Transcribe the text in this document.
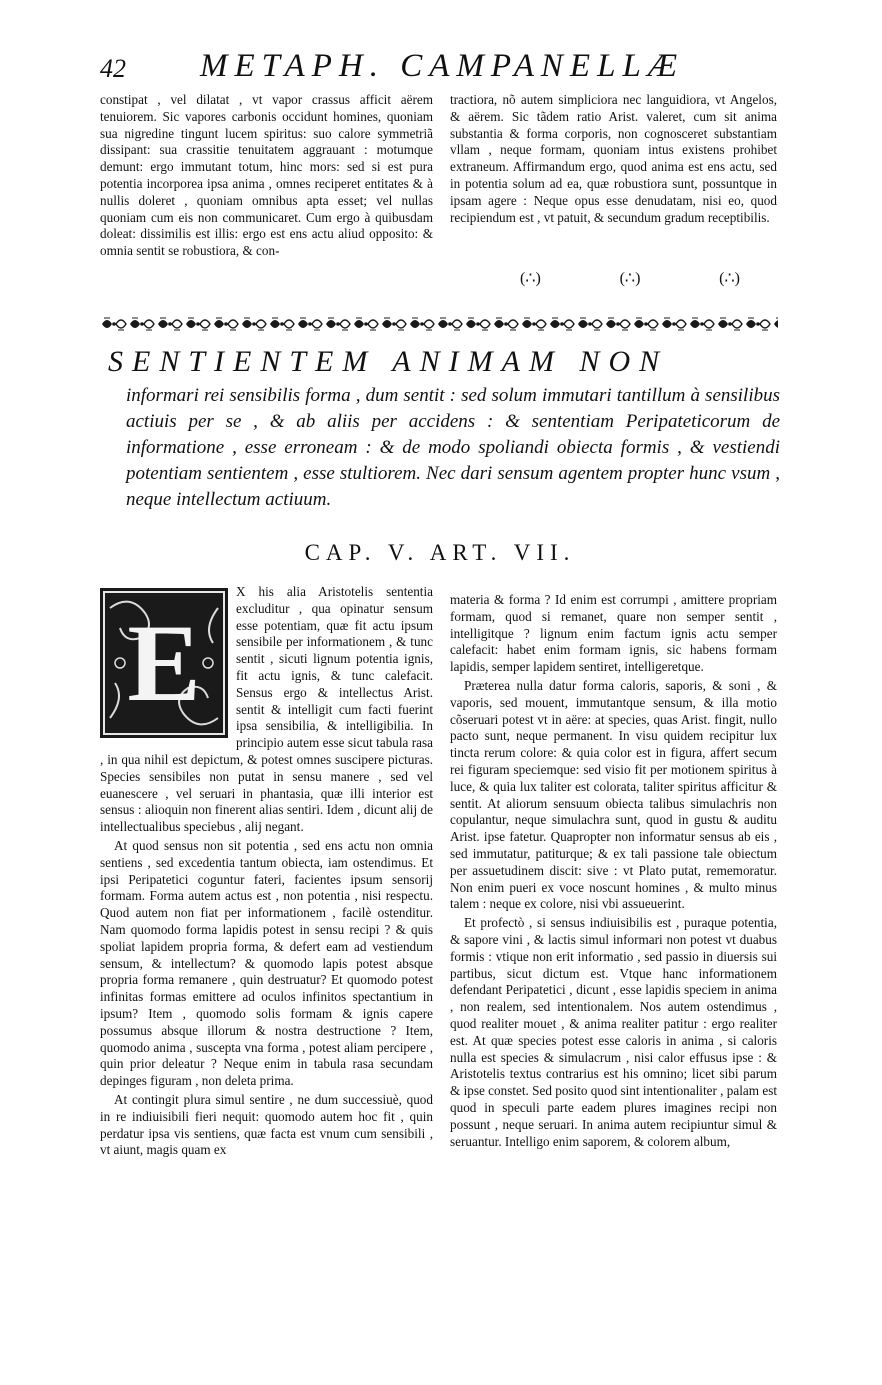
42 METAPH. CAMPANELLÆ

constipat , vel dilatat , vt vapor crassus afficit aërem tenuiorem. Sic vapores carbonis occidunt homines, quoniam sua nigredine tingunt lucem spiritus: suo calore symmetriã dissipant: sua crassitie tenuitatem aggrauant : motumque demunt: ergo immutant totum, hinc mors: sed si est pura potentia incorporea ipsa anima , omnes reciperet entitates & à nullis doleret , quoniam omnibus apta esset; vel nullas quoniam cum eis non communicaret. Cum ergo à quibusdam doleat: dissimilis est illis: ergo est ens actu aliud opposito: & omnia sentit se robustiora, & con-

tractiora, nõ autem simpliciora nec languidiora, vt Angelos, & aërem. Sic tãdem ratio Arist. valeret, cum sit anima substantia & forma corporis, non cognosceret substantiam vllam , neque formam, quoniam intus existens prohibet extraneum. Affirmandum ergo, quod anima est ens actu, sed in potentia solum ad ea, quæ robustiora sunt, possuntque in ipsam agere : Neque opus esse denudatam, nisi eo, quod recipiendum est , vt patuit, & secundum gradum receptibilis.

(∴)	(∴)	(∴)
SENTIENTEM ANIMAM NON

informari rei sensibilis forma , dum sentit : sed solum immutari tantillum à sensilibus actiuis per se , & ab aliis per accidens : & sententiam Peripateticorum de informatione , esse erroneam : & de modo spoliandi obiecta formis , & vestiendi potentiam sentientem , esse stultiorem. Nec dari sensum agentem propter hunc vsum , neque intellectum actiuum.

CAP. V. ART. VII.
E

X his alia Aristotelis sententia excluditur , qua opinatur sensum esse potentiam, quæ fit actu ipsum sensibile per informationem , & tunc sentit , sicuti lignum potentia ignis, fit actu ignis, & tunc calefacit. Sensus ergo & intellectus Arist. sentit & intelligit cum facti fuerint ipsa sensibilia, & intelligibilia. In principio autem esse sicut tabula rasa , in qua nihil est depictum, & potest omnes suscipere picturas. Species sensibiles non putat in sensu manere , sed vel euanescere , vel seruari in phantasia, quæ illi interior est sensus : alioquin non finerent alias sentiri. Idem , dicunt alij de intellectualibus speciebus , alij negant.

At quod sensus non sit potentia , sed ens actu non omnia sentiens , sed excedentia tantum obiecta, iam ostendimus. Et ipsi Peripatetici coguntur fateri, facientes ipsum sensorij formam. Forma autem actus est , non potentia , nisi respectu. Quod autem non fiat per informationem , facilè ostenditur. Nam quomodo forma lapidis potest in sensu recipi ? & quis spoliat lapidem propria forma, & defert eam ad vestiendum sensum, & intellectum? & quomodo lapis potest absque propria forma remanere , quin destruatur? Et quomodo potest infinitas formas emittere ad oculos infinitos spectantium in ipsum? Item , quomodo solis formam & ignis capere possumus absque illorum & nostra destructione ? Item, quomodo anima , suscepta vna forma , potest aliam percipere , quin prior deleatur ? Neque enim in tabula rasa secundam depinges figuram , non deleta prima.

At contingit plura simul sentire , ne dum successiuè, quod in re indiuisibili fieri nequit: quomodo autem hoc fit , quin perdatur ipsa vis sentiens, quæ facta est vnum cum sensibili , vt aiunt, magis quam ex

materia & forma ? Id enim est corrumpi , amittere propriam formam, quod si remanet, quare non semper sentit , intelligitque ? lignum enim factum ignis actu semper calefacit: habet enim formam ignis, sic habens formam lapidis, semper lapidem sentiret, intelligeretque.

Præterea nulla datur forma caloris, saporis, & soni , & vaporis, sed mouent, immutantque sensum, & illa motio cõseruari potest vt in aëre: at species, quas Arist. fingit, nullo pacto sunt, neque permanent. In visu quidem recipitur lux tincta rerum colore: & quia color est in figura, affert secum rei figuram speciemque: sed visio fit per motionem spiritus à luce, & quia lux taliter est colorata, taliter spiritus afficitur & sentit. At aliorum sensuum obiecta talibus simulachris non copulantur, neque simulachra sunt, quod in gustu & auditu Arist. ipse fatetur. Quapropter non informatur sensus ab eis , sed immutatur, patiturque; & ex tali passione tale obiectum per assuetudinem discit: sive : vt Plato putat, rememoratur. Non enim pueri ex voce noscunt homines , & multo minus talem : neque ex colore, nisi vbi assueuerint.

Et profectò , si sensus indiuisibilis est , puraque potentia, & sapore vini , & lactis simul informari non potest vt duabus formis : vtique non erit informatio , sed passio in diuersis sui partibus, sicut dictum est. Vtque hanc informationem defendant Peripatetici , dicunt , esse lapidis speciem in anima , non realem, sed intentionalem. Nos autem ostendimus , quod realiter mouet , & anima realiter patitur : ergo realiter est. At quæ species potest esse caloris in anima , si caloris nulla est species & simulacrum , nisi calor effusus ipse : & Aristotelis textus contrarius est his omnino; licet sibi parum & ipse constet. Sed posito quod sint intentionaliter , palam est quod in speculi parte eadem plures imagines recipi non possunt , neque seruari. In anima autem recipiuntur simul & seruantur. Intelligo enim saporem, & colorem album,
